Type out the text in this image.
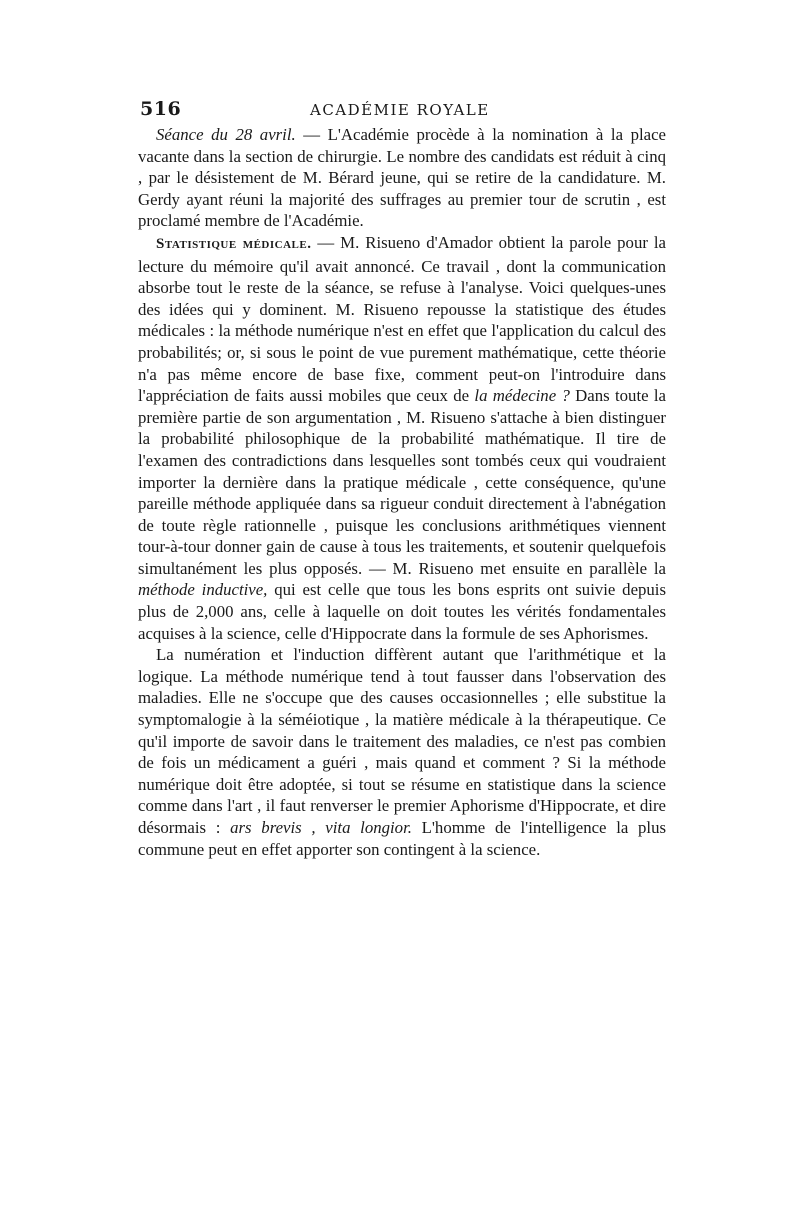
516	ACADÉMIE ROYALE

Séance du 28 avril. — L'Académie procède à la nomination à la place vacante dans la section de chirurgie. Le nombre des candidats est réduit à cinq , par le désistement de M. Bérard jeune, qui se retire de la candidature. M. Gerdy ayant réuni la majorité des suffrages au premier tour de scrutin , est proclamé membre de l'Académie.

Statistique médicale. — M. Risueno d'Amador obtient la parole pour la lecture du mémoire qu'il avait annoncé. Ce travail , dont la communication absorbe tout le reste de la séance, se refuse à l'analyse. Voici quelques-unes des idées qui y dominent. M. Risueno repousse la statistique des études médicales : la méthode numérique n'est en effet que l'application du calcul des probabilités; or, si sous le point de vue purement mathématique, cette théorie n'a pas même encore de base fixe, comment peut-on l'introduire dans l'appréciation de faits aussi mobiles que ceux de la médecine ? Dans toute la première partie de son argumentation , M. Risueno s'attache à bien distinguer la probabilité philosophique de la probabilité mathématique. Il tire de l'examen des contradictions dans lesquelles sont tombés ceux qui voudraient importer la dernière dans la pratique médicale , cette conséquence, qu'une pareille méthode appliquée dans sa rigueur conduit directement à l'abnégation de toute règle rationnelle , puisque les conclusions arithmétiques viennent tour-à-tour donner gain de cause à tous les traitements, et soutenir quelquefois simultanément les plus opposés. — M. Risueno met ensuite en parallèle la méthode inductive, qui est celle que tous les bons esprits ont suivie depuis plus de 2,000 ans, celle à laquelle on doit toutes les vérités fondamentales acquises à la science, celle d'Hippocrate dans la formule de ses Aphorismes.

La numération et l'induction diffèrent autant que l'arithmétique et la logique. La méthode numérique tend à tout fausser dans l'observation des maladies. Elle ne s'occupe que des causes occasionnelles ; elle substitue la symptomalogie à la séméiotique , la matière médicale à la thérapeutique. Ce qu'il importe de savoir dans le traitement des maladies, ce n'est pas combien de fois un médicament a guéri , mais quand et comment ? Si la méthode numérique doit être adoptée, si tout se résume en statistique dans la science comme dans l'art , il faut renverser le premier Aphorisme d'Hippocrate, et dire désormais : ars brevis , vita longior. L'homme de l'intelligence la plus commune peut en effet apporter son contingent à la science.
